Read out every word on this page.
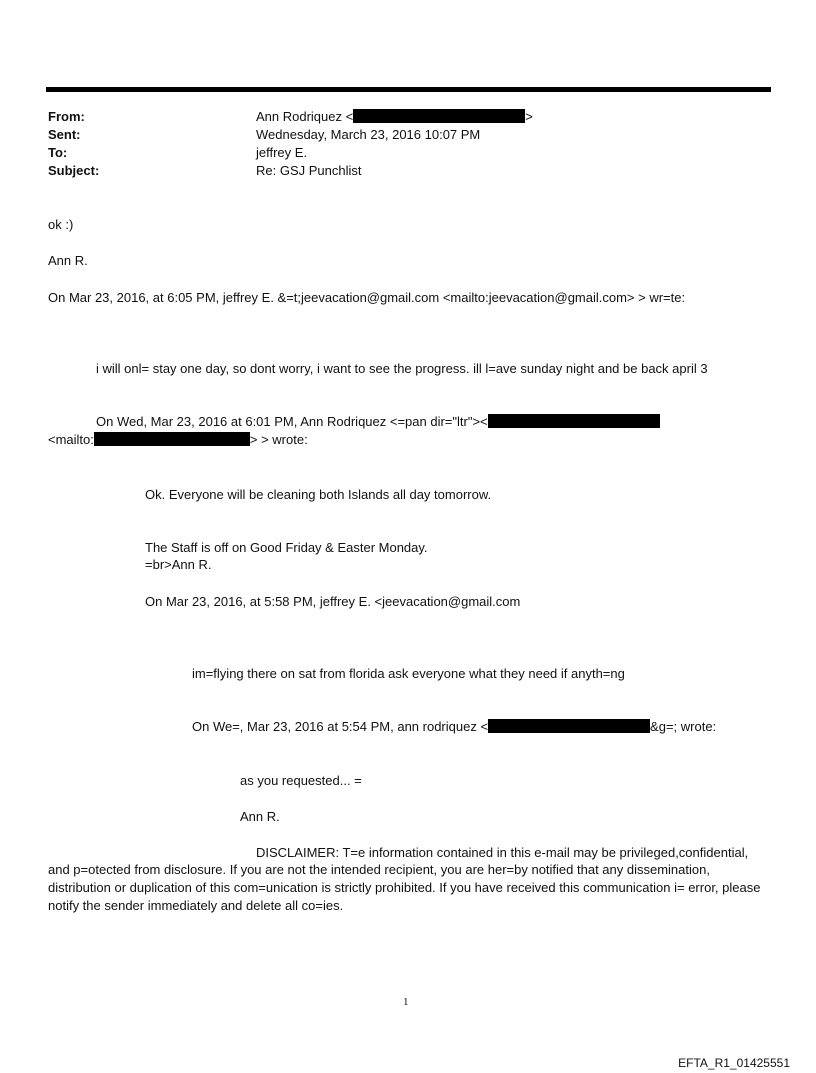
From:	Ann Rodriquez <	>
Sent:	Wednesday, March 23, 2016 10:07 PM
To:	jeffrey E.
Subject:	Re: GSJ Punchlist
ok :)
Ann R.
On Mar 23, 2016, at 6:05 PM, jeffrey E. &=t;jeevacation@gmail.com <mailto:jeevacation@gmail.com> > wr=te:
i will onl= stay one day, so dont worry, i want to see the progress. ill l=ave sunday night and be back april 3
On Wed, Mar 23, 2016 at 6:01 PM, Ann Rodriquez <=pan dir="ltr"><
<mailto:	> > wrote:
Ok. Everyone will be cleaning both Islands all day tomorrow.
The Staff is off on Good Friday & Easter Monday.
=br>Ann R.
On Mar 23, 2016, at 5:58 PM, jeffrey E. <jeevacation@gmail.com
im=flying there on sat from florida ask everyone what they need if anyth=ng
On We=, Mar 23, 2016 at 5:54 PM, ann rodriquez <	&g=; wrote:
as you requested... =
Ann R.
DISCLAIMER: T=e information contained in this e-mail may be privileged,confidential,
and p=otected from disclosure. If you are not the intended recipient, you are her=by notified that any dissemination, distribution or duplication of this com=unication is strictly prohibited. If you have received this communication i= error, please notify the sender immediately and delete all co=ies.
1
EFTA_R1_01425551
